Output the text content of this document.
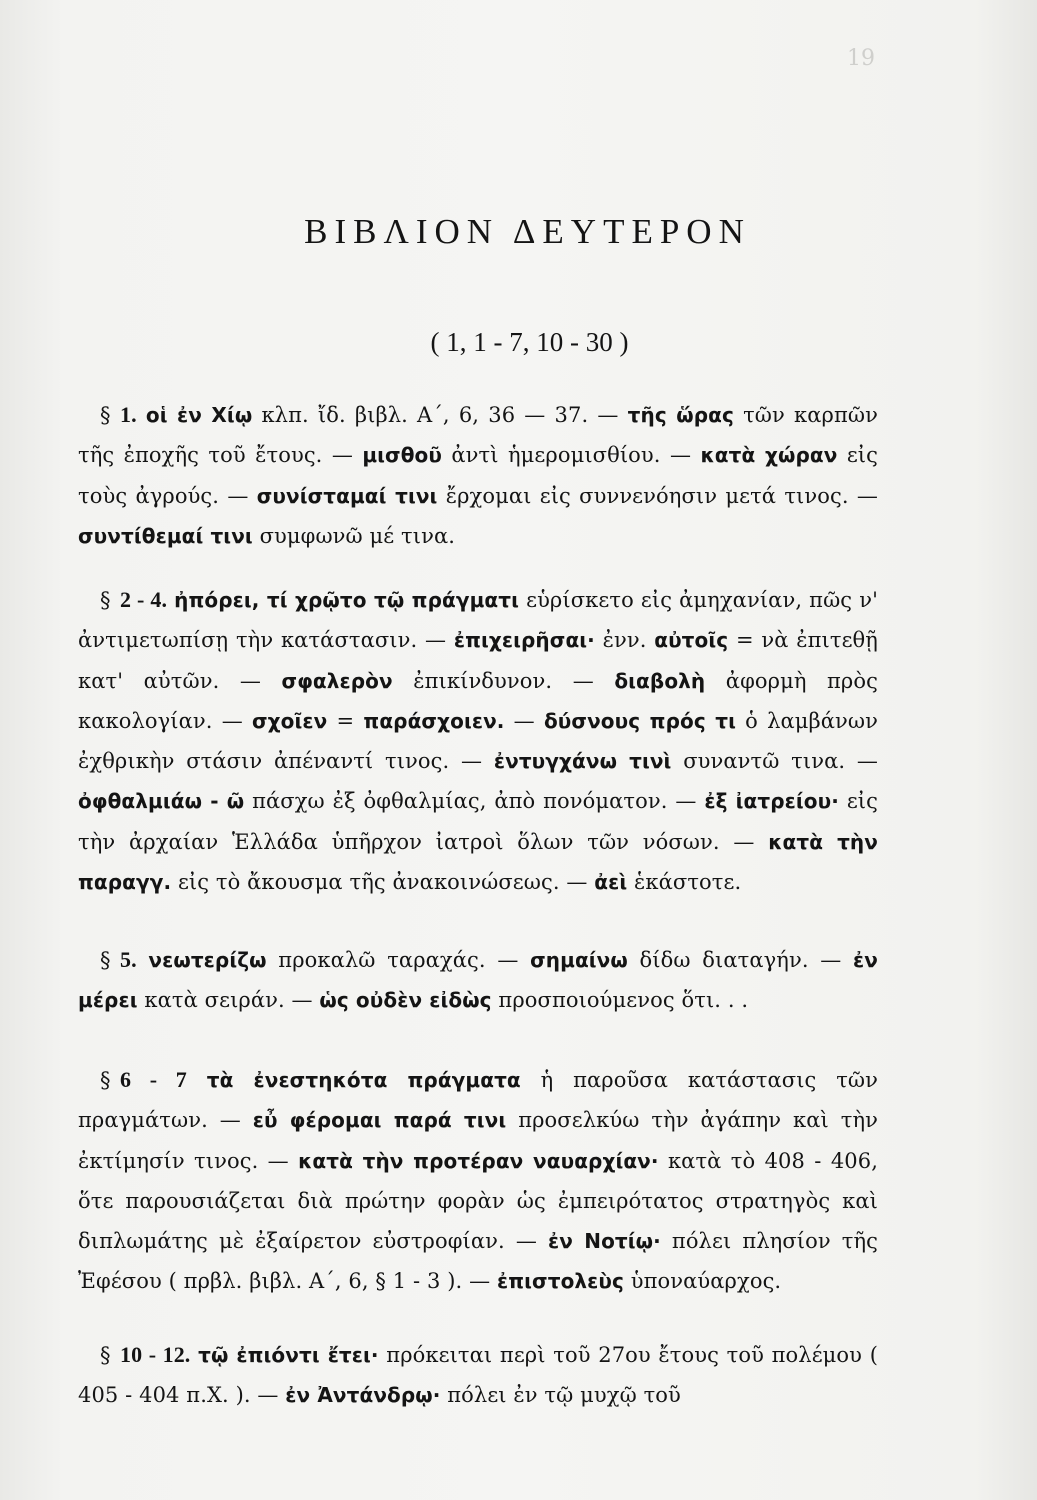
19
ΒΙΒΛΙΟΝ ΔΕΥΤΕΡΟΝ
( 1, 1 - 7, 10 - 30 )

§ 1. οἱ ἐν Χίῳ κλπ. ἴδ. βιβλ. Α΄, 6, 36 — 37. — τῆς ὥρας τῶν καρπῶν τῆς ἐποχῆς τοῦ ἔτους. — μισθοῦ ἀντὶ ἡμερομισθίου. — κατὰ χώραν εἰς τοὺς ἀγρούς. — συνίσταμαί τινι ἔρχομαι εἰς συννενόησιν μετά τινος. — συντίθεμαί τινι συμφωνῶ μέ τινα.

§ 2 - 4. ἠπόρει, τί χρῷτο τῷ πράγματι εὑρίσκετο εἰς ἀμηχανίαν, πῶς ν' ἀντιμετωπίσῃ τὴν κατάστασιν. — ἐπιχειρῆσαι· ἐνν. αὐτοῖς = νὰ ἐπιτεθῇ κατ' αὐτῶν. — σφαλερὸν ἐπικίνδυνον. — διαβολὴ ἀφορμὴ πρὸς κακολογίαν. — σχοῖεν = παράσχοιεν. — δύσνους πρός τι ὁ λαμβάνων ἐχθρικὴν στάσιν ἀπέναντί τινος. — ἐντυγχάνω τινὶ συναντῶ τινα. — ὀφθαλμιάω - ῶ πάσχω ἐξ ὀφθαλμίας, ἀπὸ πονόματον. — ἐξ ἰατρείου· εἰς τὴν ἀρχαίαν Ἑλλάδα ὑπῆρχον ἰατροὶ ὅλων τῶν νόσων. — κατὰ τὴν παραγγ. εἰς τὸ ἄκουσμα τῆς ἀνακοινώσεως. — ἀεὶ ἑκάστοτε.

§ 5. νεωτερίζω προκαλῶ ταραχάς. — σημαίνω δίδω διαταγήν. — ἐν μέρει κατὰ σειράν. — ὡς οὐδὲν εἰδὼς προσποιούμενος ὅτι. . .

§ 6 - 7 τὰ ἐνεστηκότα πράγματα ἡ παροῦσα κατάστασις τῶν πραγμάτων. — εὖ φέρομαι παρά τινι προσελκύω τὴν ἀγάπην καὶ τὴν ἐκτίμησίν τινος. — κατὰ τὴν προτέραν ναυαρχίαν· κατὰ τὸ 408 - 406, ὅτε παρουσιάζεται διὰ πρώτην φορὰν ὡς ἐμπειρότατος στρατηγὸς καὶ διπλωμάτης μὲ ἐξαίρετον εὐστροφίαν. — ἐν Νοτίῳ· πόλει πλησίον τῆς Ἐφέσου ( πρβλ. βιβλ. Α΄, 6, § 1 - 3 ). — ἐπιστολεὺς ὑποναύαρχος.

§ 10 - 12. τῷ ἐπιόντι ἔτει· πρόκειται περὶ τοῦ 27ου ἔτους τοῦ πολέμου ( 405 - 404 π.Χ. ). — ἐν Ἀντάνδρῳ· πόλει ἐν τῷ μυχῷ τοῦ
